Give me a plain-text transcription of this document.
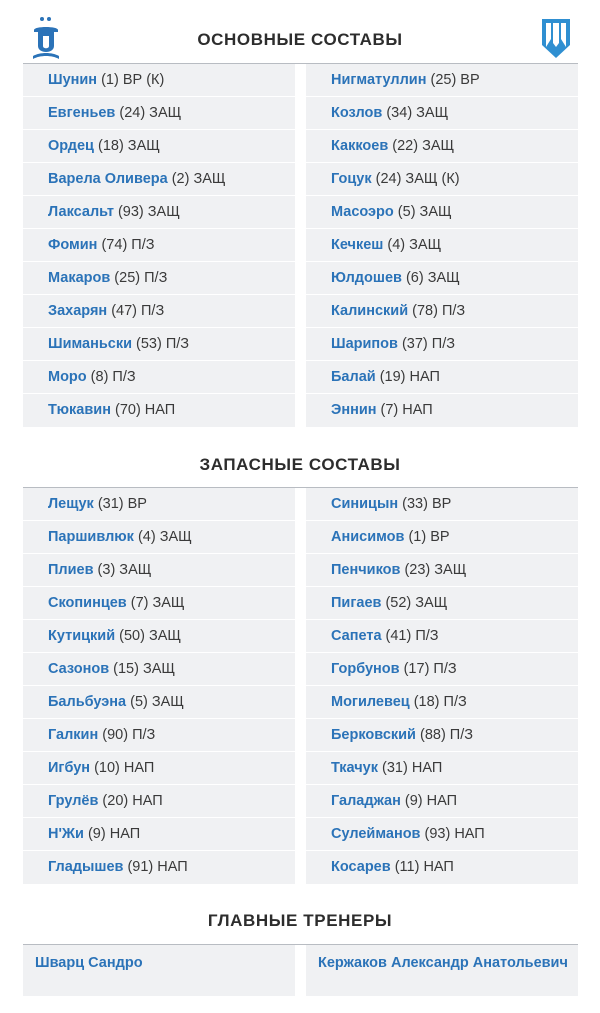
ОСНОВНЫЕ СОСТАВЫ
Шунин (1) ВР (К)
Евгеньев (24) ЗАЩ
Ордец (18) ЗАЩ
Варела Оливера (2) ЗАЩ
Лаксальт (93) ЗАЩ
Фомин (74) П/З
Макаров (25) П/З
Захарян (47) П/З
Шиманьски (53) П/З
Моро (8) П/З
Тюкавин (70) НАП
Нигматуллин (25) ВР
Козлов (34) ЗАЩ
Каккоев (22) ЗАЩ
Гоцук (24) ЗАЩ (К)
Масоэро (5) ЗАЩ
Кечкеш (4) ЗАЩ
Юлдошев (6) ЗАЩ
Калинский (78) П/З
Шарипов (37) П/З
Балай (19) НАП
Эннин (7) НАП
ЗАПАСНЫЕ СОСТАВЫ
Лещук (31) ВР
Паршивлюк (4) ЗАЩ
Плиев (3) ЗАЩ
Скопинцев (7) ЗАЩ
Кутицкий (50) ЗАЩ
Сазонов (15) ЗАЩ
Бальбуэна (5) ЗАЩ
Галкин (90) П/З
Игбун (10) НАП
Грулёв (20) НАП
Н'Жи (9) НАП
Гладышев (91) НАП
Синицын (33) ВР
Анисимов (1) ВР
Пенчиков (23) ЗАЩ
Пигаев (52) ЗАЩ
Сапета (41) П/З
Горбунов (17) П/З
Могилевец (18) П/З
Берковский (88) П/З
Ткачук (31) НАП
Галаджан (9) НАП
Сулейманов (93) НАП
Косарев (11) НАП
ГЛАВНЫЕ ТРЕНЕРЫ
Шварц Сандро	Кержаков Александр Анатольевич
